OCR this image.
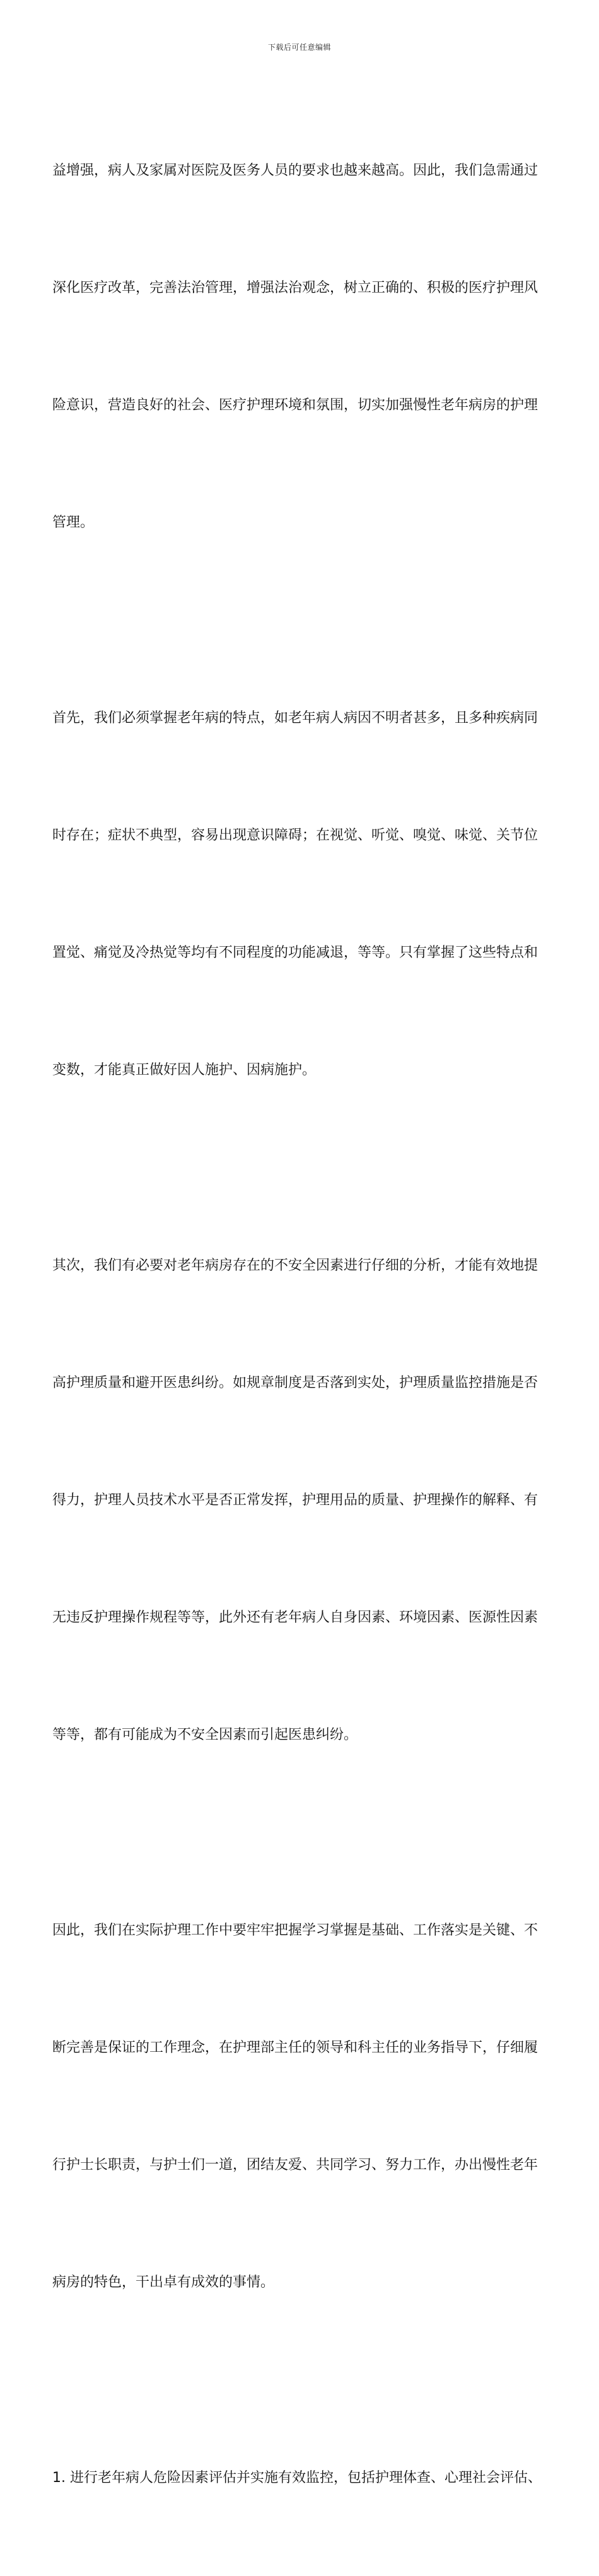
下载后可任意编辑

益增强，病人及家属对医院及医务人员的要求也越来越高。因此，我们急需通过

深化医疗改革，完善法治管理，增强法治观念，树立正确的、积极的医疗护理风

险意识，营造良好的社会、医疗护理环境和氛围，切实加强慢性老年病房的护理

管理。

首先，我们必须掌握老年病的特点，如老年病人病因不明者甚多，且多种疾病同

时存在；症状不典型，容易出现意识障碍；在视觉、听觉、嗅觉、味觉、关节位

置觉、痛觉及冷热觉等均有不同程度的功能减退，等等。只有掌握了这些特点和

变数，才能真正做好因人施护、因病施护。

其次，我们有必要对老年病房存在的不安全因素进行仔细的分析，才能有效地提

高护理质量和避开医患纠纷。如规章制度是否落到实处，护理质量监控措施是否

得力，护理人员技术水平是否正常发挥，护理用品的质量、护理操作的解释、有

无违反护理操作规程等等，此外还有老年病人自身因素、环境因素、医源性因素

等等，都有可能成为不安全因素而引起医患纠纷。

因此，我们在实际护理工作中要牢牢把握学习掌握是基础、工作落实是关键、不

断完善是保证的工作理念，在护理部主任的领导和科主任的业务指导下，仔细履

行护士长职责，与护士们一道，团结友爱、共同学习、努力工作，办出慢性老年

病房的特色，干出卓有成效的事情。

1. 进行老年病人危险因素评估并实施有效监控，包括护理体查、心理社会评估、
